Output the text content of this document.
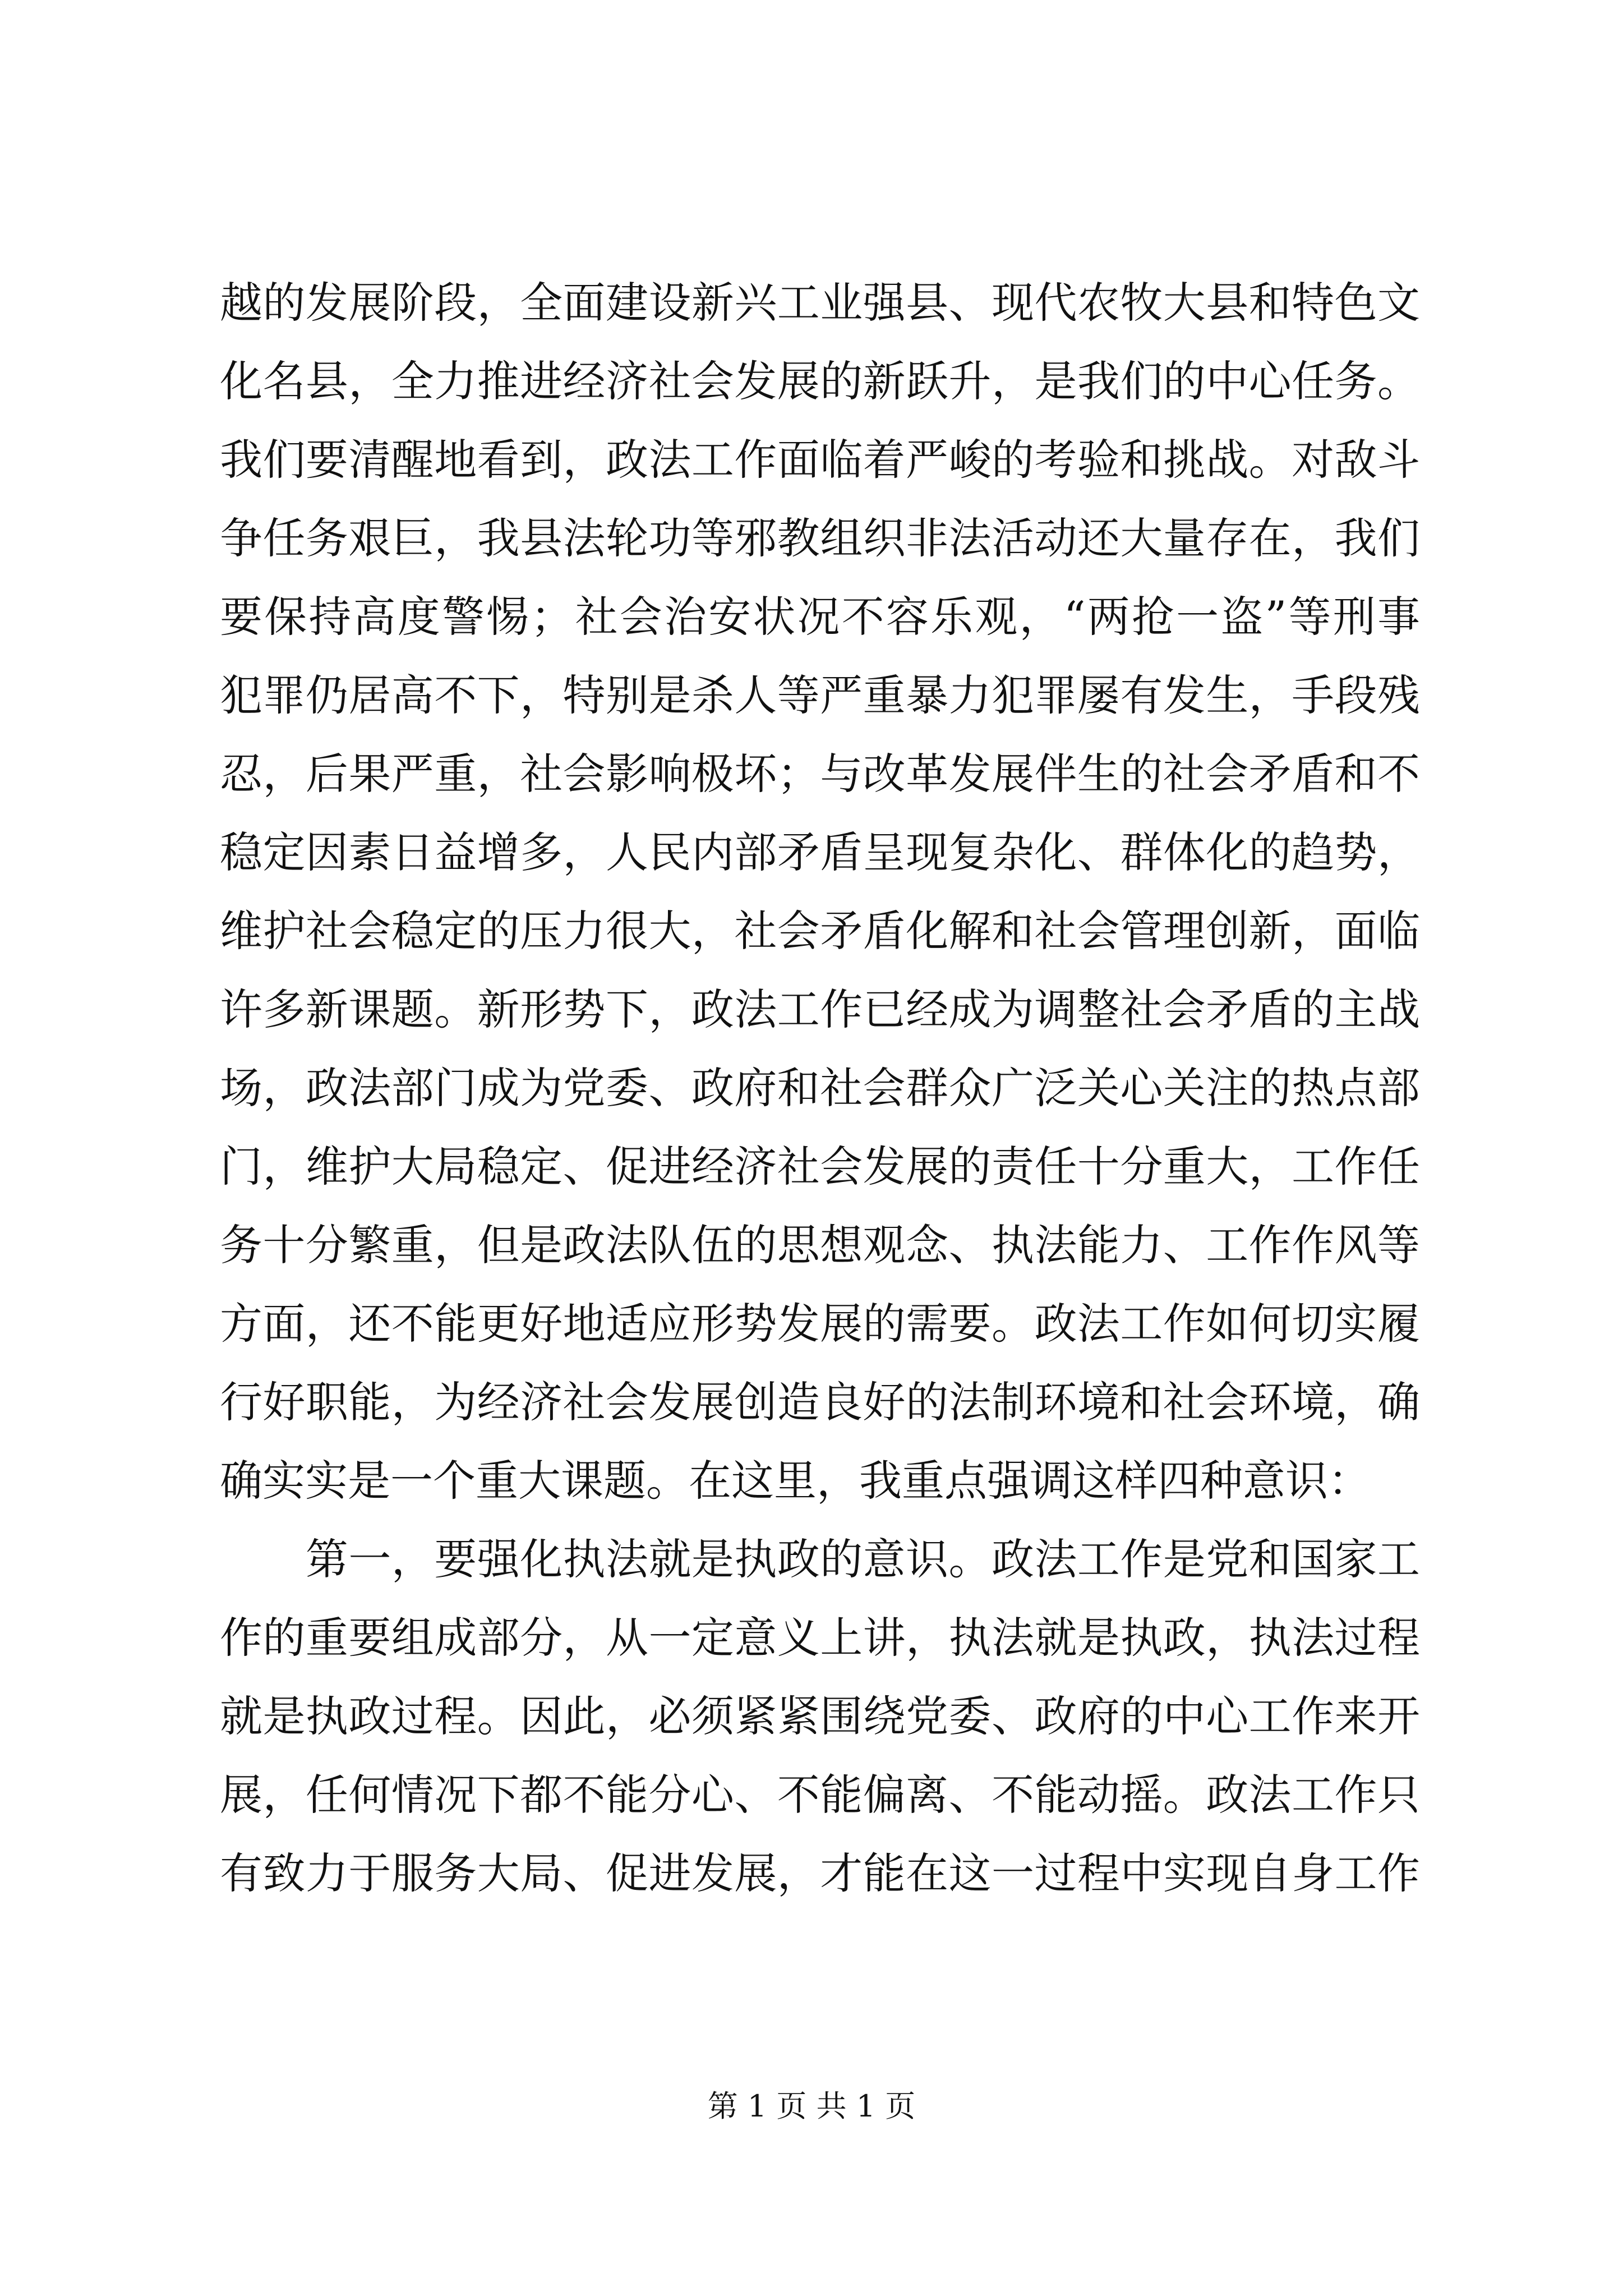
越的发展阶段，全面建设新兴工业强县、现代农牧大县和特色文
化名县，全力推进经济社会发展的新跃升，是我们的中心任务。
我们要清醒地看到，政法工作面临着严峻的考验和挑战。对敌斗
争任务艰巨，我县法轮功等邪教组织非法活动还大量存在，我们
要保持高度警惕；社会治安状况不容乐观，“两抢一盗”等刑事
犯罪仍居高不下，特别是杀人等严重暴力犯罪屡有发生，手段残
忍，后果严重，社会影响极坏；与改革发展伴生的社会矛盾和不
稳定因素日益增多，人民内部矛盾呈现复杂化、群体化的趋势，
维护社会稳定的压力很大，社会矛盾化解和社会管理创新，面临
许多新课题。新形势下，政法工作已经成为调整社会矛盾的主战
场，政法部门成为党委、政府和社会群众广泛关心关注的热点部
门，维护大局稳定、促进经济社会发展的责任十分重大，工作任
务十分繁重，但是政法队伍的思想观念、执法能力、工作作风等
方面，还不能更好地适应形势发展的需要。政法工作如何切实履
行好职能，为经济社会发展创造良好的法制环境和社会环境，确
确实实是一个重大课题。在这里，我重点强调这样四种意识：
　　第一，要强化执法就是执政的意识。政法工作是党和国家工
作的重要组成部分，从一定意义上讲，执法就是执政，执法过程
就是执政过程。因此，必须紧紧围绕党委、政府的中心工作来开
展，任何情况下都不能分心、不能偏离、不能动摇。政法工作只
有致力于服务大局、促进发展，才能在这一过程中实现自身工作
第 1 页 共 1 页
